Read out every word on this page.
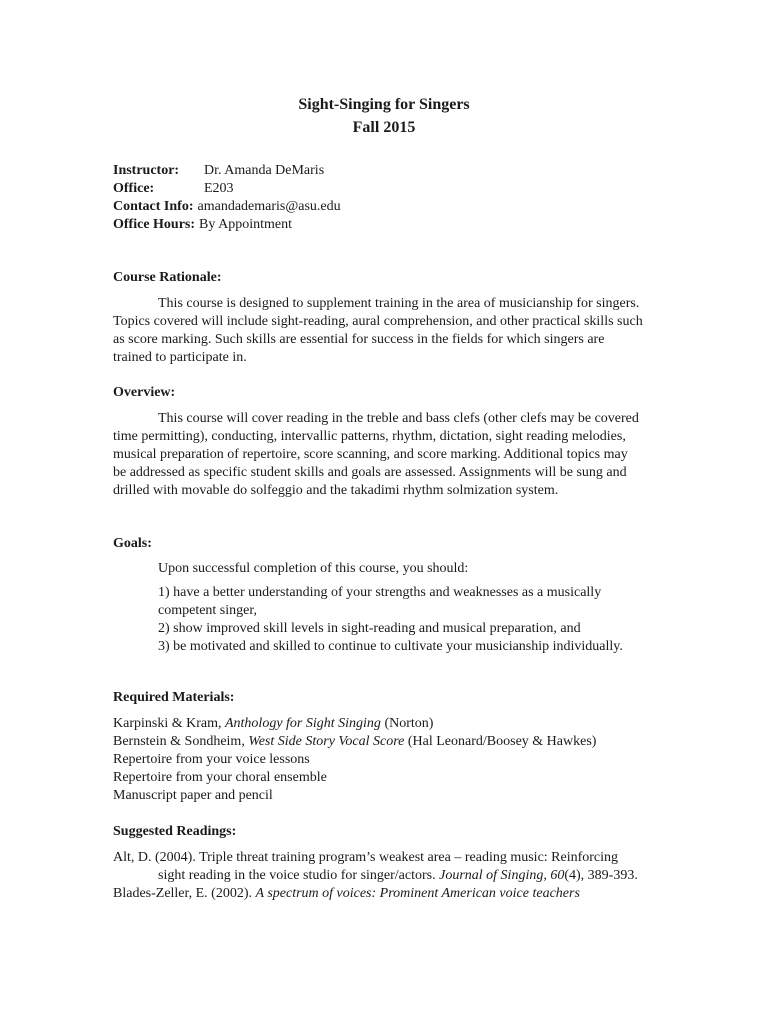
Sight-Singing for Singers
Fall 2015
Instructor: Dr. Amanda DeMaris
Office:	E203
Contact Info: amandademaris@asu.edu
Office Hours: By Appointment
Course Rationale:

This course is designed to supplement training in the area of musicianship for singers. Topics covered will include sight-reading, aural comprehension, and other practical skills such as score marking. Such skills are essential for success in the fields for which singers are trained to participate in.

Overview:

This course will cover reading in the treble and bass clefs (other clefs may be covered time permitting), conducting, intervallic patterns, rhythm, dictation, sight reading melodies, musical preparation of repertoire, score scanning, and score marking. Additional topics may be addressed as specific student skills and goals are assessed. Assignments will be sung and drilled with movable do solfeggio and the takadimi rhythm solmization system.

Goals:
Upon successful completion of this course, you should:
1) have a better understanding of your strengths and weaknesses as a musically competent singer,
2) show improved skill levels in sight-reading and musical preparation, and
3) be motivated and skilled to continue to cultivate your musicianship individually.
Required Materials:
Karpinski & Kram, Anthology for Sight Singing (Norton)
Bernstein & Sondheim, West Side Story Vocal Score (Hal Leonard/Boosey & Hawkes)
Repertoire from your voice lessons
Repertoire from your choral ensemble
Manuscript paper and pencil
Suggested Readings:
Alt, D. (2004). Triple threat training program’s weakest area – reading music: Reinforcing sight reading in the voice studio for singer/actors. Journal of Singing, 60(4), 389-393.
Blades-Zeller, E. (2002). A spectrum of voices: Prominent American voice teachers
